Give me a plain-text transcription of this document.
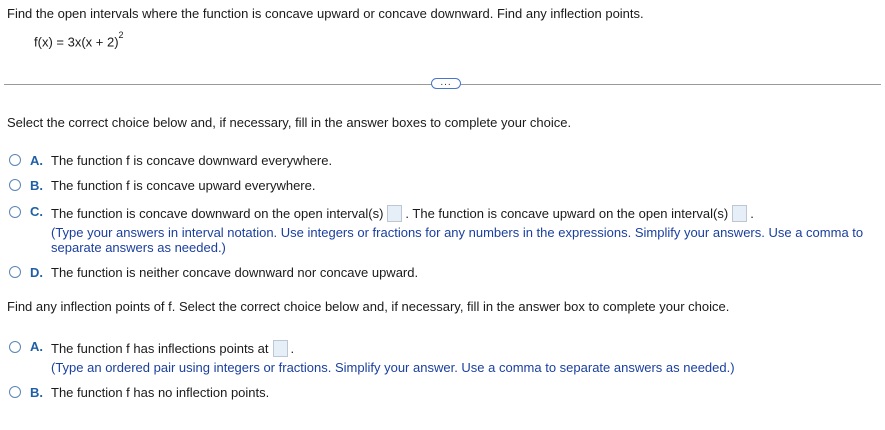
Find the open intervals where the function is concave upward or concave downward. Find any inflection points.
$f(x) = 3x(x + 2)^2$
...
Select the correct choice below and, if necessary, fill in the answer boxes to complete your choice.
A. The function f is concave downward everywhere.
B. The function f is concave upward everywhere.
C. The function is concave downward on the open interval(s) . The function is concave upward on the open interval(s) .
(Type your answers in interval notation. Use integers or fractions for any numbers in the expressions. Simplify your answers. Use a comma to separate answers as needed.)
D. The function is neither concave downward nor concave upward.
Find any inflection points of f. Select the correct choice below and, if necessary, fill in the answer box to complete your choice.
A. The function f has inflections points at .
(Type an ordered pair using integers or fractions. Simplify your answer. Use a comma to separate answers as needed.)
B. The function f has no inflection points.
